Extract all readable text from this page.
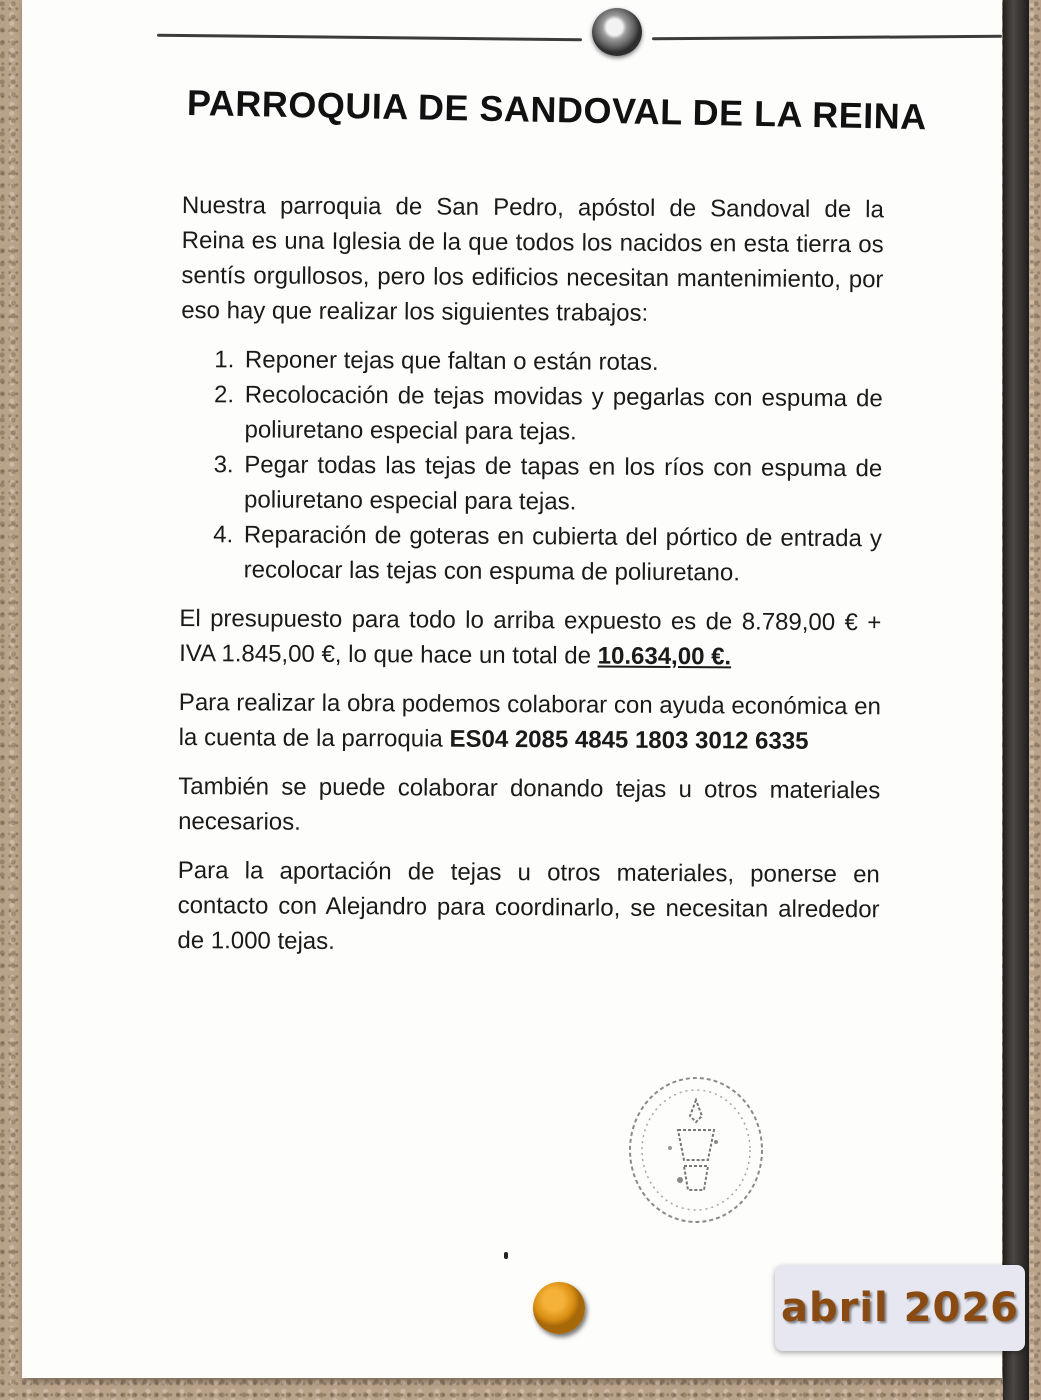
PARROQUIA DE SANDOVAL DE LA REINA

Nuestra parroquia de San Pedro, apóstol de Sandoval de la Reina es una Iglesia de la que todos los nacidos en esta tierra os sentís orgullosos, pero los edificios necesitan mantenimiento, por eso hay que realizar los siguientes trabajos:

1. Reponer tejas que faltan o están rotas.
2. Recolocación de tejas movidas y pegarlas con espuma de poliuretano especial para tejas.
3. Pegar todas las tejas de tapas en los ríos con espuma de poliuretano especial para tejas.
4. Reparación de goteras en cubierta del pórtico de entrada y recolocar las tejas con espuma de poliuretano.

El presupuesto para todo lo arriba expuesto es de 8.789,00 € + IVA 1.845,00 €, lo que hace un total de 10.634,00 €.

Para realizar la obra podemos colaborar con ayuda económica en la cuenta de la parroquia ES04 2085 4845 1803 3012 6335

También se puede colaborar donando tejas u otros materiales necesarios.

Para la aportación de tejas u otros materiales, ponerse en contacto con Alejandro para coordinarlo, se necesitan alrededor de 1.000 tejas.

abril 2026
